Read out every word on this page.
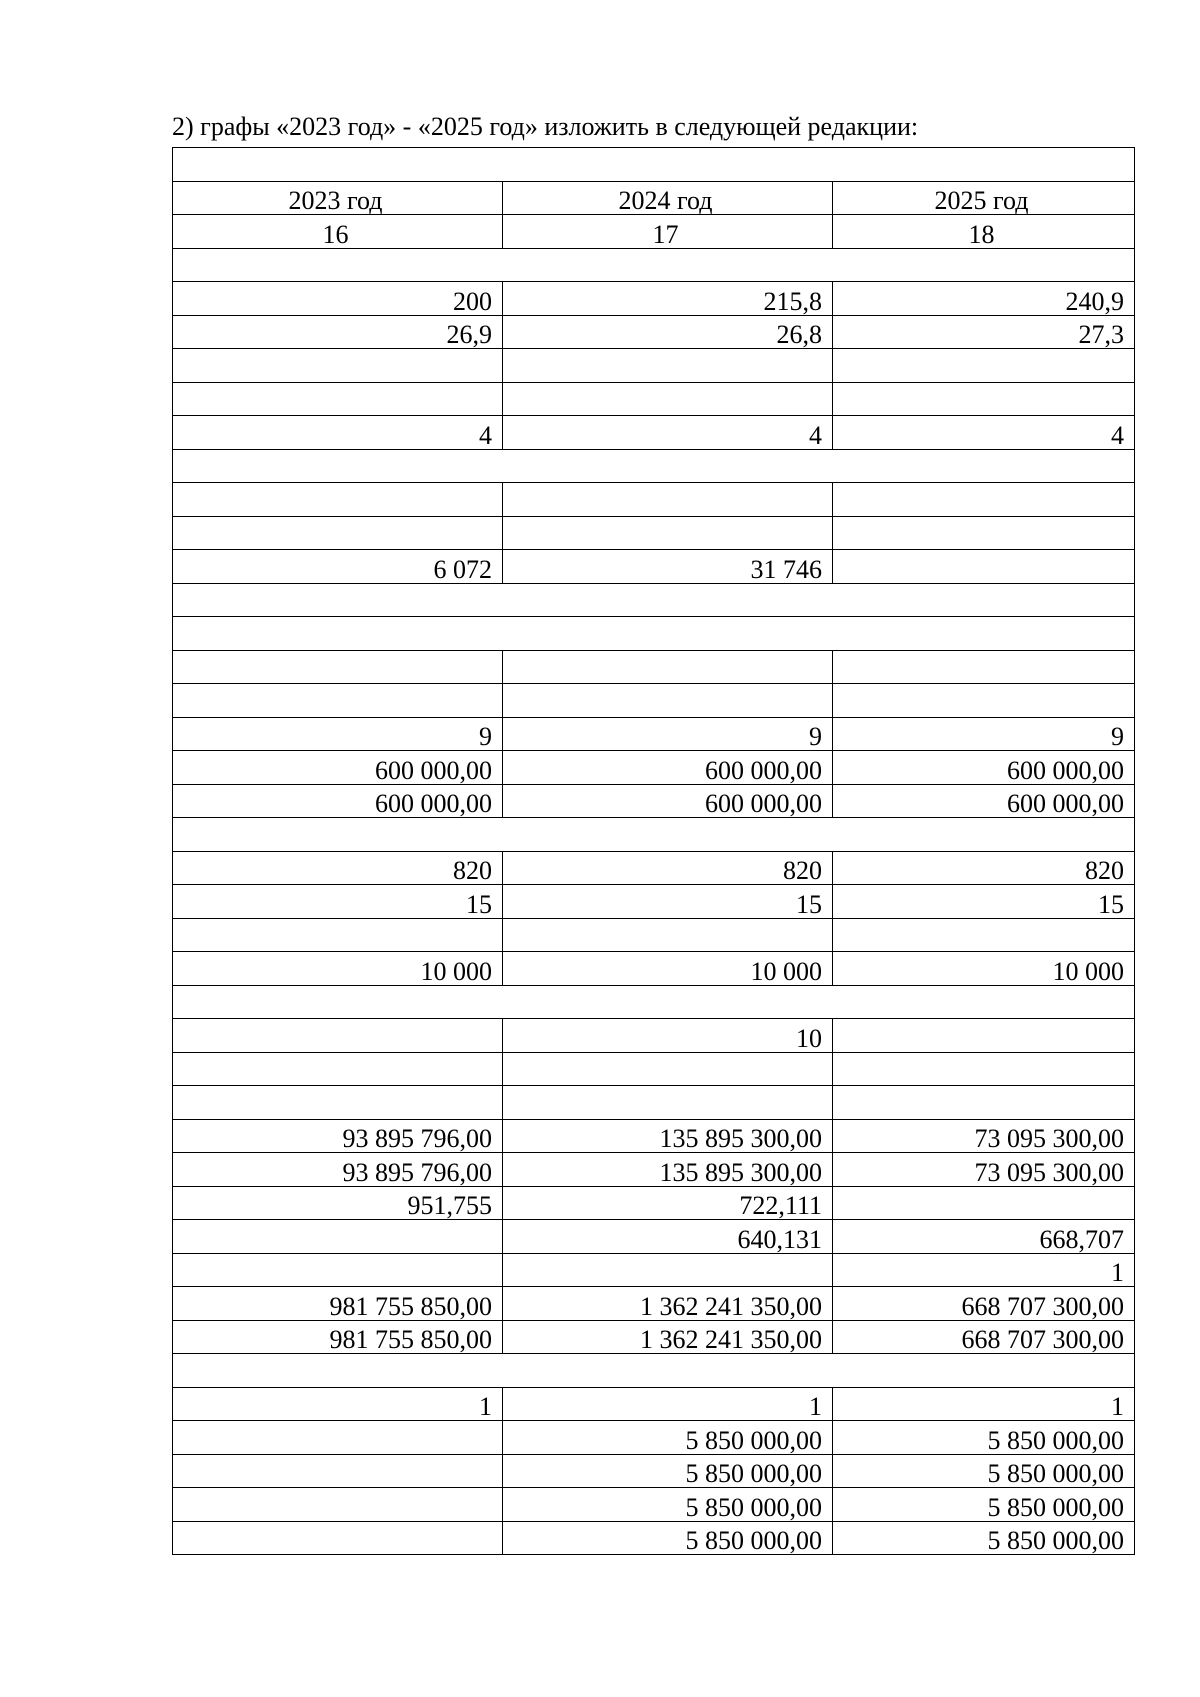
2) графы «2023 год» - «2025 год» изложить в следующей редакции:

2023 год	2024 год	2025 год
16	17	18

200	215,8	240,9
26,9	26,8	27,3

4	4	4

6 072	31 746	

9	9	9
600 000,00	600 000,00	600 000,00
600 000,00	600 000,00	600 000,00

820	820	820
15	15	15

10 000	10 000	10 000

	10	

93 895 796,00	135 895 300,00	73 095 300,00
93 895 796,00	135 895 300,00	73 095 300,00
951,755	722,111	
	640,131	668,707
		1
981 755 850,00	1 362 241 350,00	668 707 300,00
981 755 850,00	1 362 241 350,00	668 707 300,00

1	1	1
	5 850 000,00	5 850 000,00
	5 850 000,00	5 850 000,00
	5 850 000,00	5 850 000,00
	5 850 000,00	5 850 000,00
